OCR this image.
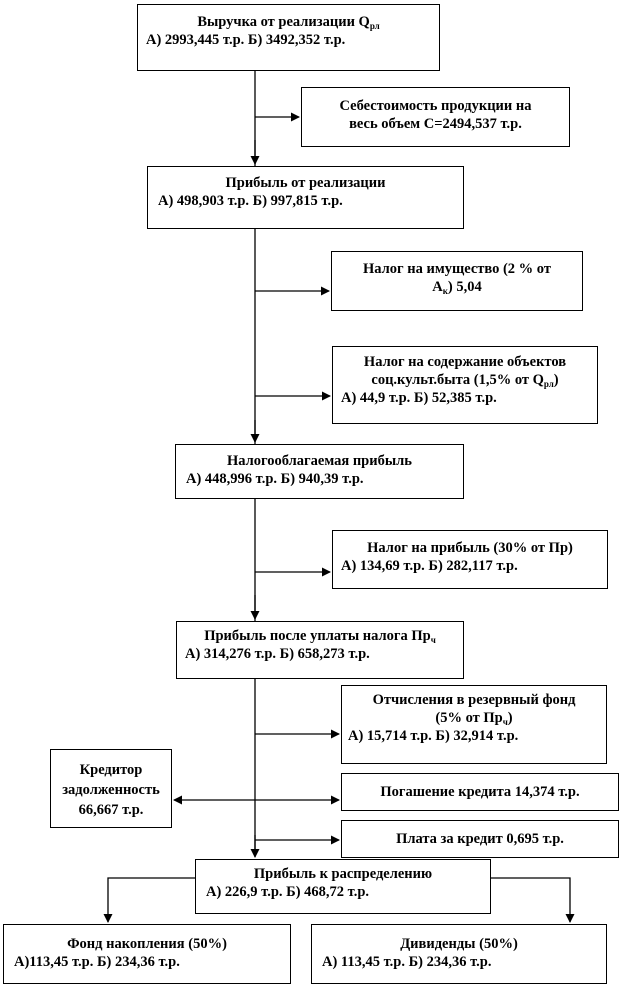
Выручка от реализации $Q_{рл}$
А) 2993,445 т.р. Б) 3492,352 т.р.
Себестоимость продукции на
весь объем С=2494,537 т.р.
Прибыль от реализации
А) 498,903 т.р. Б) 997,815 т.р.
Налог на имущество (2 % от
$А_к$) 5,04
Налог на содержание объектов
соц.культ.быта (1,5% от $Q_{рл}$)
А) 44,9 т.р. Б) 52,385 т.р.
Налогооблагаемая прибыль
А) 448,996 т.р. Б) 940,39 т.р.
Налог на прибыль (30% от Пр)
А) 134,69 т.р. Б) 282,117 т.р.
Прибыль после уплаты налога $Пр_ч$
А) 314,276 т.р. Б) 658,273 т.р.
Отчисления в резервный фонд
(5% от $Пр_ч$)
А) 15,714 т.р. Б) 32,914 т.р.
Кредитор
задолженность
66,667 т.р.
Погашение кредита 14,374 т.р.
Плата за кредит 0,695 т.р.
Прибыль к распределению
А) 226,9 т.р. Б) 468,72 т.р.
Фонд накопления (50%)
А)113,45 т.р. Б) 234,36 т.р.
Дивиденды (50%)
А) 113,45 т.р. Б) 234,36 т.р.
